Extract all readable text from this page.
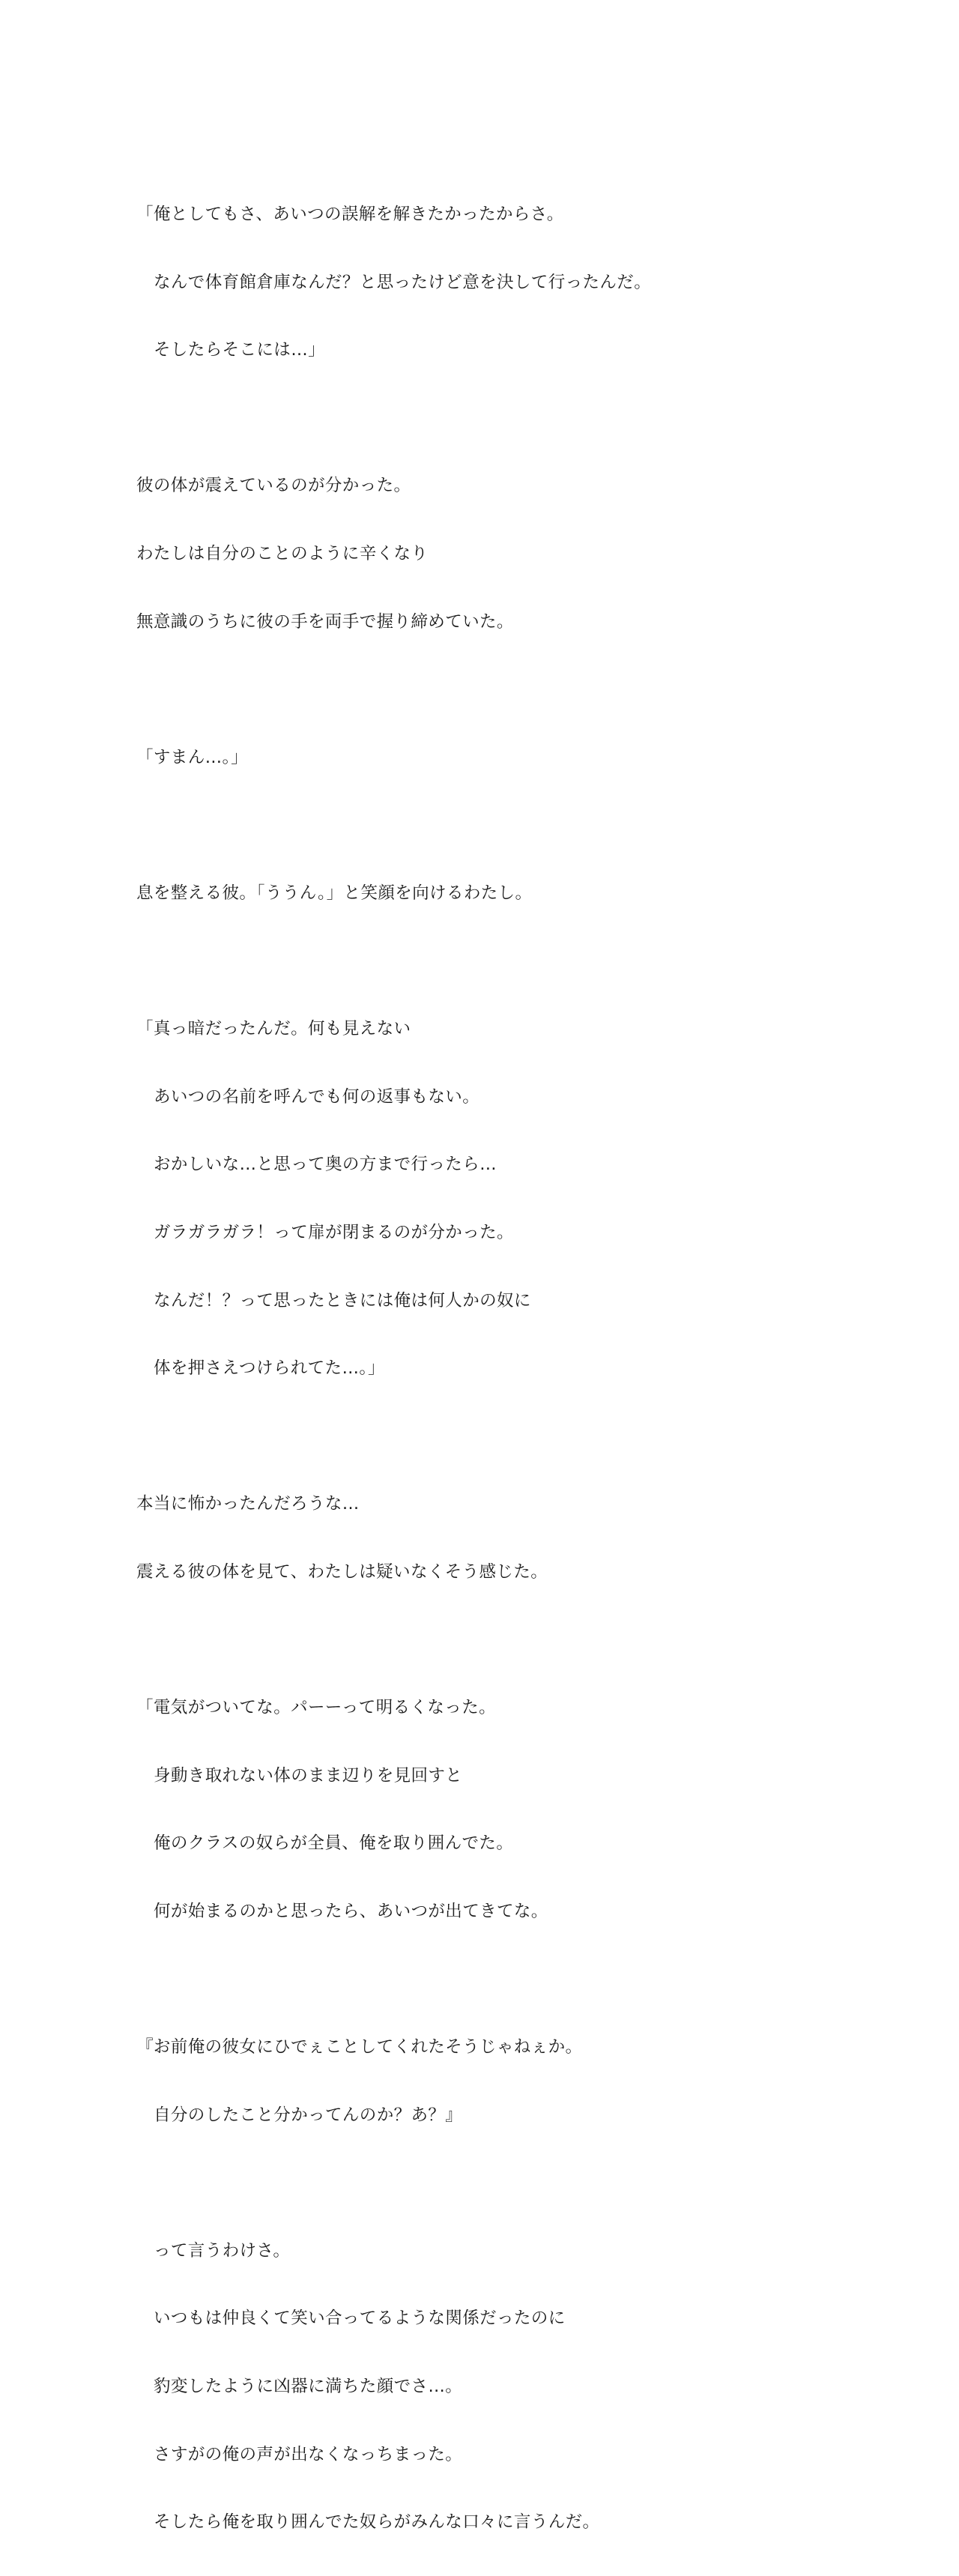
「俺としてもさ、あいつの誤解を解きたかったからさ。

なんで体育館倉庫なんだ？と思ったけど意を決して行ったんだ。

そしたらそこには…」

彼の体が震えているのが分かった。

わたしは自分のことのように辛くなり

無意識のうちに彼の手を両手で握り締めていた。

「すまん…。」

息を整える彼。「ううん。」と笑顔を向けるわたし。

「真っ暗だったんだ。何も見えない

あいつの名前を呼んでも何の返事もない。

おかしいな…と思って奥の方まで行ったら…

ガラガラガラ！って扉が閉まるのが分かった。

なんだ！？って思ったときには俺は何人かの奴に

体を押さえつけられてた…。」

本当に怖かったんだろうな…

震える彼の体を見て、わたしは疑いなくそう感じた。

「電気がついてな。パーーって明るくなった。

身動き取れない体のまま辺りを見回すと

俺のクラスの奴らが全員、俺を取り囲んでた。

何が始まるのかと思ったら、あいつが出てきてな。

『お前俺の彼女にひでぇことしてくれたそうじゃねぇか。

自分のしたこと分かってんのか？あ？』

って言うわけさ。

いつもは仲良くて笑い合ってるような関係だったのに

豹変したように凶器に満ちた顔でさ…。

さすがの俺の声が出なくなっちまった。

そしたら俺を取り囲んでた奴らがみんな口々に言うんだ。
